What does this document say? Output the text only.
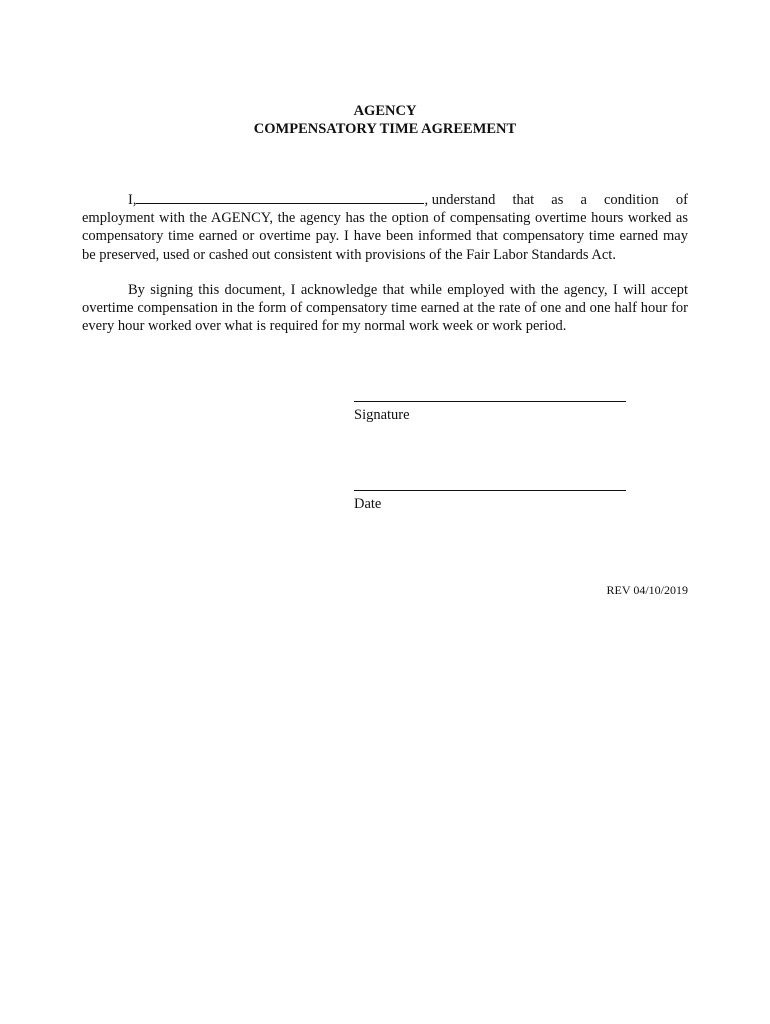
AGENCY
COMPENSATORY TIME AGREEMENT
I,	, understand that as a condition of
employment with the AGENCY, the agency has the option of compensating overtime hours worked as compensatory time earned or overtime pay. I have been informed that compensatory time earned may be preserved, used or cashed out consistent with provisions of the Fair Labor Standards Act.
By signing this document, I acknowledge that while employed with the agency, I will accept overtime compensation in the form of compensatory time earned at the rate of one and one half hour for every hour worked over what is required for my normal work week or work period.
Signature
Date
REV 04/10/2019
